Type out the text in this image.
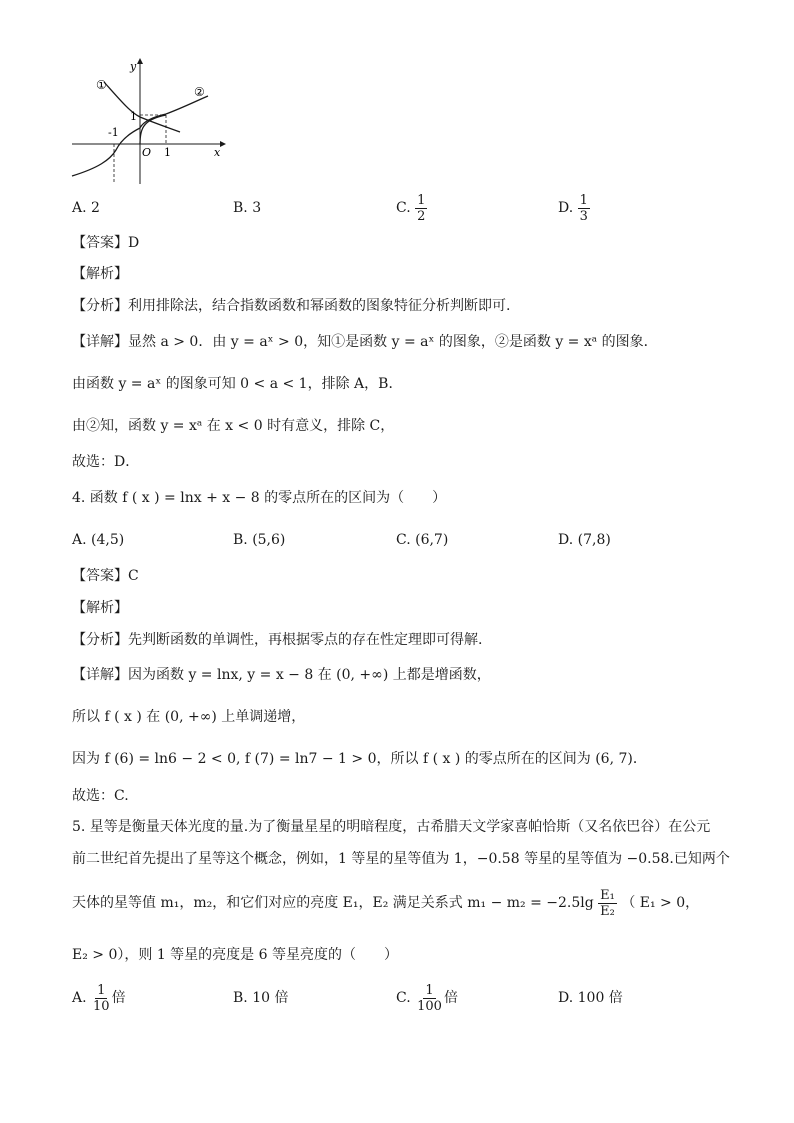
①	②
y
x
O
-1
1
1
A. 2	B. 3	C. $\frac{1}{2}$	D. $\frac{1}{3}$
【答案】D
【解析】
【分析】利用排除法，结合指数函数和幂函数的图象特征分析判断即可.
【详解】显然 a > 0．由 y = aˣ > 0，知①是函数 y = aˣ 的图象，②是函数 y = xᵃ 的图象．
由函数 y = aˣ 的图象可知 0 < a < 1，排除 A，B．
由②知，函数 y = xᵃ 在 x < 0 时有意义，排除 C，
故选：D．
4. 函数 f ( x ) = lnx + x − 8 的零点所在的区间为（　　）
A. (4,5)	B. (5,6)	C. (6,7)	D. (7,8)
【答案】C
【解析】
【分析】先判断函数的单调性，再根据零点的存在性定理即可得解.
【详解】因为函数 y = lnx, y = x − 8 在 (0, +∞) 上都是增函数，
所以 f ( x ) 在 (0, +∞) 上单调递增，
因为 f (6) = ln6 − 2 < 0, f (7) = ln7 − 1 > 0，所以 f ( x ) 的零点所在的区间为 (6, 7)．
故选：C.
5. 星等是衡量天体光度的量.为了衡量星星的明暗程度，古希腊天文学家喜帕恰斯（又名依巴谷）在公元
前二世纪首先提出了星等这个概念，例如，1 等星的星等值为 1，−0.58 等星的星等值为 −0.58.已知两个
天体的星等值 m₁，m₂，和它们对应的亮度 E₁，E₂ 满足关系式 $m_1 - m_2 = -2.5\lg \frac{\text{E₁}}{\text{E₂}}$ （ E₁ > 0，
E₂ > 0），则 1 等星的亮度是 6 等星亮度的（　　）
A. $\frac{1}{10}$ 倍	B. 10 倍	C. $\frac{1}{100}$ 倍	D. 100 倍
